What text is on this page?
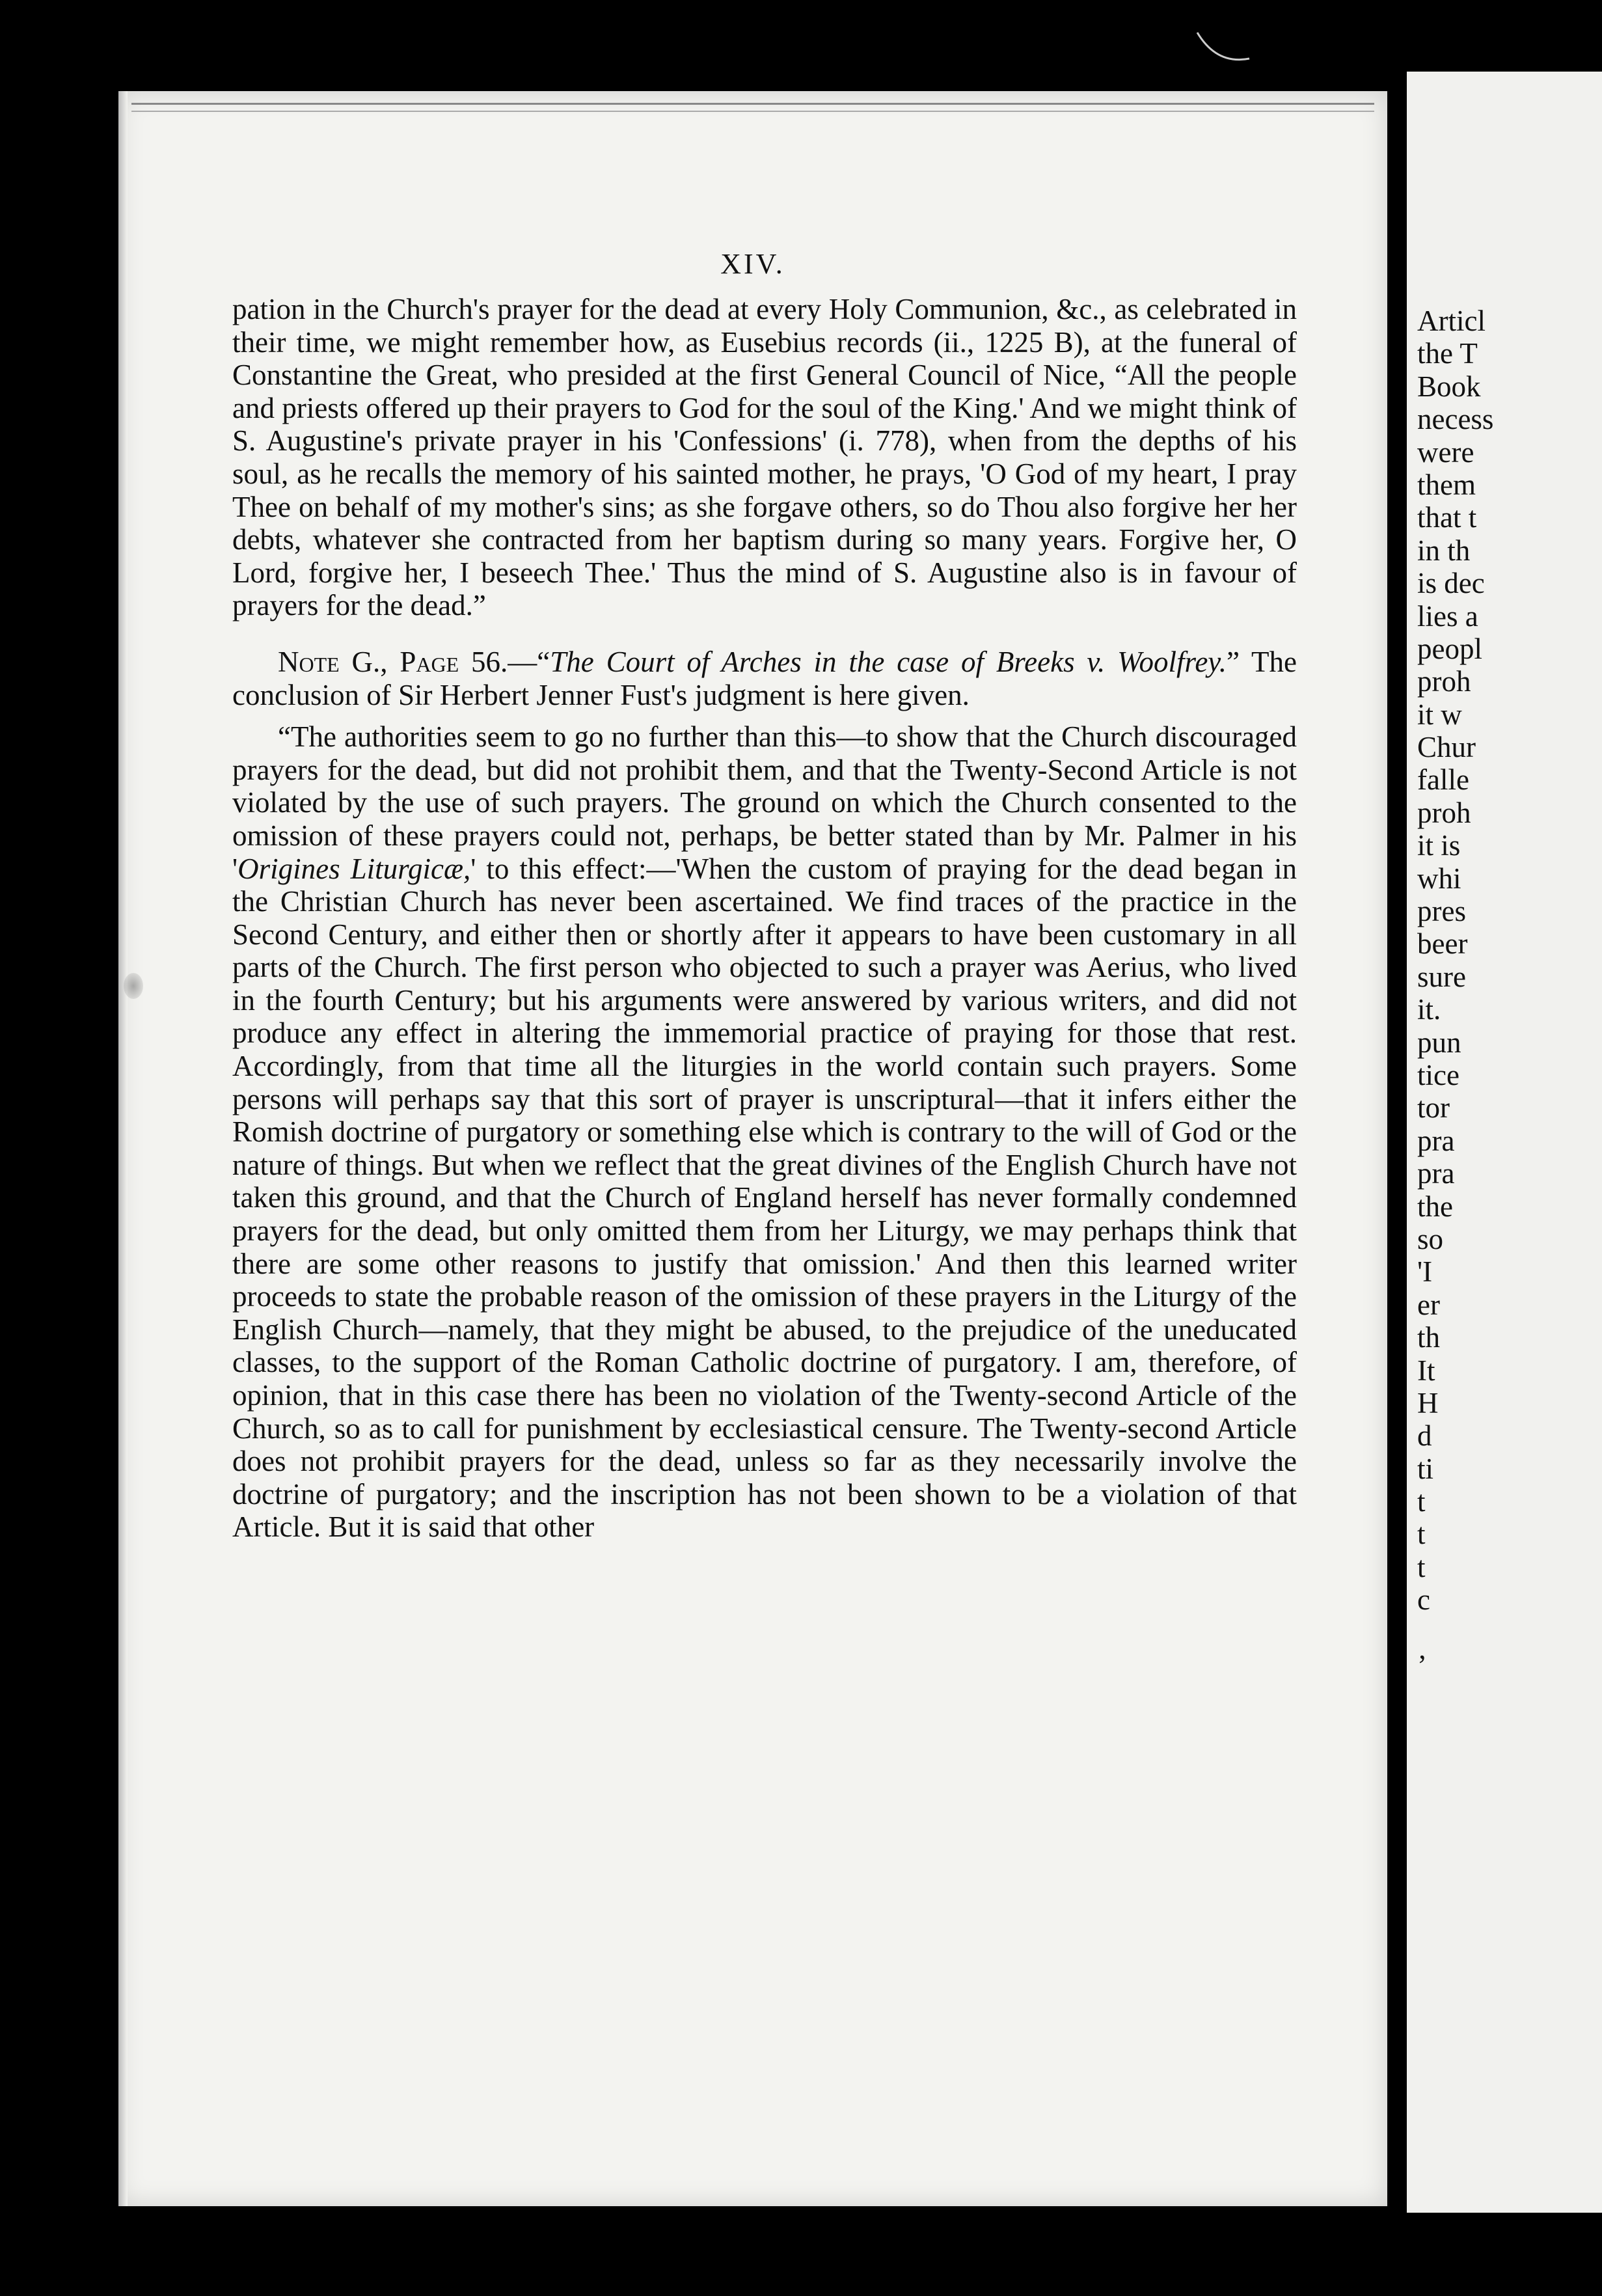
XIV.

pation in the Church's prayer for the dead at every Holy Communion, &c., as celebrated in their time, we might remember how, as Eusebius records (ii., 1225 B), at the funeral of Constantine the Great, who presided at the first General Council of Nice, “All the people and priests offered up their prayers to God for the soul of the King.' And we might think of S. Augustine's private prayer in his 'Confessions' (i. 778), when from the depths of his soul, as he recalls the memory of his sainted mother, he prays, 'O God of my heart, I pray Thee on behalf of my mother's sins; as she forgave others, so do Thou also forgive her her debts, whatever she contracted from her baptism during so many years. Forgive her, O Lord, forgive her, I beseech Thee.' Thus the mind of S. Augustine also is in favour of prayers for the dead.”

Note G., Page 56.—“The Court of Arches in the case of Breeks v. Woolfrey.” The conclusion of Sir Herbert Jenner Fust's judgment is here given.

“The authorities seem to go no further than this—to show that the Church discouraged prayers for the dead, but did not prohibit them, and that the Twenty-Second Article is not violated by the use of such prayers. The ground on which the Church consented to the omission of these prayers could not, perhaps, be better stated than by Mr. Palmer in his 'Origines Liturgicæ,' to this effect:—'When the custom of praying for the dead began in the Christian Church has never been ascertained. We find traces of the practice in the Second Century, and either then or shortly after it appears to have been customary in all parts of the Church. The first person who objected to such a prayer was Aerius, who lived in the fourth Century; but his arguments were answered by various writers, and did not produce any effect in altering the immemorial practice of praying for those that rest. Accordingly, from that time all the liturgies in the world contain such prayers. Some persons will perhaps say that this sort of prayer is unscriptural—that it infers either the Romish doctrine of purgatory or something else which is contrary to the will of God or the nature of things. But when we reflect that the great divines of the English Church have not taken this ground, and that the Church of England herself has never formally condemned prayers for the dead, but only omitted them from her Liturgy, we may perhaps think that there are some other reasons to justify that omission.' And then this learned writer proceeds to state the probable reason of the omission of these prayers in the Liturgy of the English Church—namely, that they might be abused, to the prejudice of the uneducated classes, to the support of the Roman Catholic doctrine of purgatory. I am, therefore, of opinion, that in this case there has been no violation of the Twenty-second Article of the Church, so as to call for punishment by ecclesiastical censure. The Twenty-second Article does not prohibit prayers for the dead, unless so far as they necessarily involve the doctrine of purgatory; and the inscription has not been shown to be a violation of that Article. But it is said that other

Articl
the T
Book
necess
were
them
that t
in th
is dec
lies a
peopl
proh
it w
Chur
falle
proh
it is
whi
pres
beer
sure
it.
pun
tice
tor
pra
pra
the
so
'I
er
th
It
H
d
ti
t
t
t
c
’
